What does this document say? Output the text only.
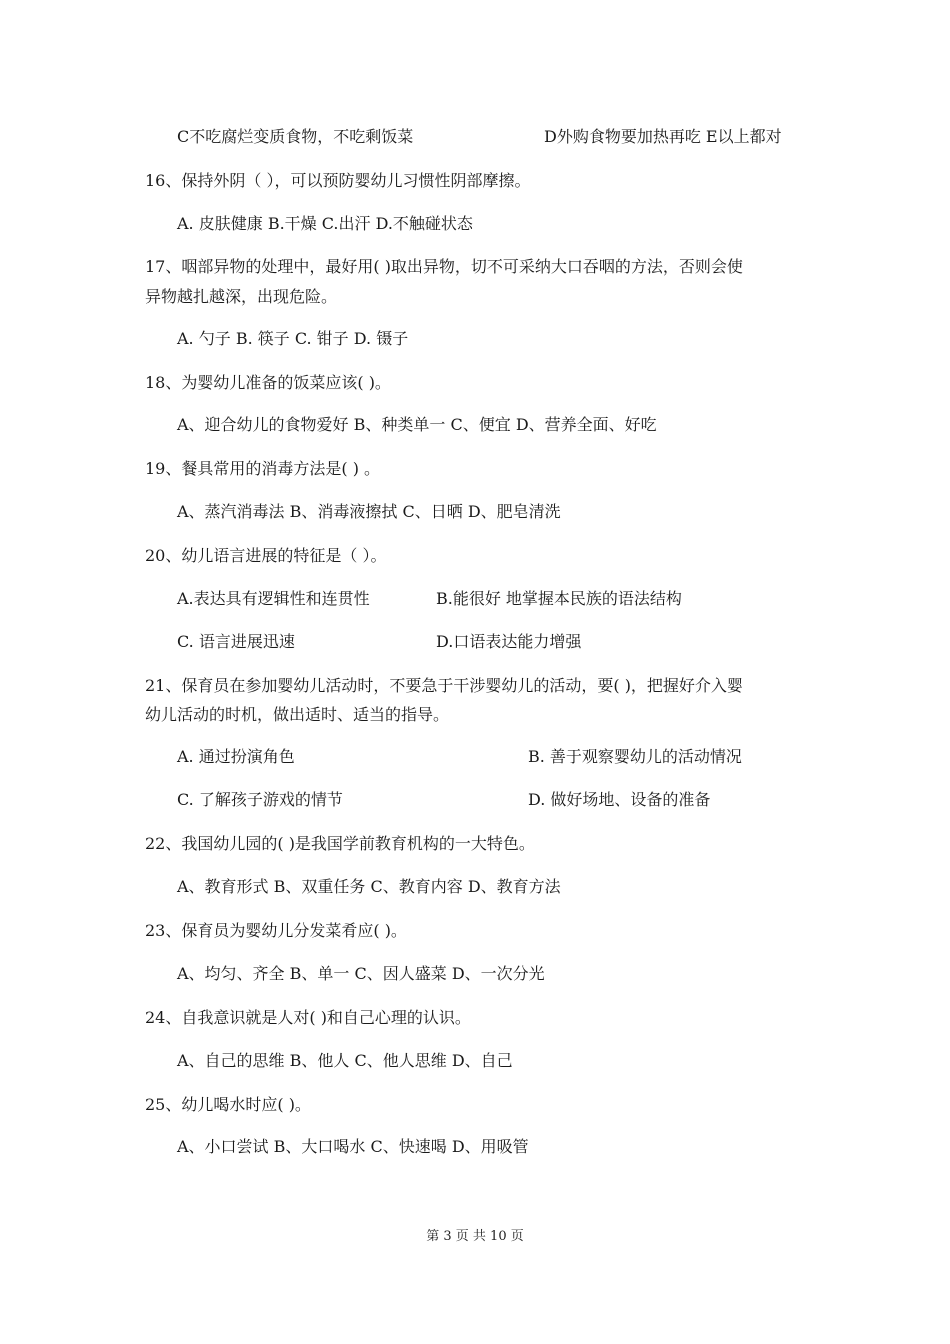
C不吃腐烂变质食物，不吃剩饭菜	D外购食物要加热再吃 E以上都对
16、保持外阴（ ），可以预防婴幼儿习惯性阴部摩擦。
A. 皮肤健康 B.干燥 C.出汗 D.不触碰状态
17、咽部异物的处理中，最好用( )取出异物，切不可采纳大口吞咽的方法，否则会使
异物越扎越深，出现危险。
A. 勺子 B. 筷子 C. 钳子 D. 镊子
18、为婴幼儿准备的饭菜应该( )。
A、迎合幼儿的食物爱好 B、种类单一 C、便宜 D、营养全面、好吃
19、餐具常用的消毒方法是( ) 。
A、蒸汽消毒法 B、消毒液擦拭 C、日晒 D、肥皂清洗
20、幼儿语言进展的特征是（ ）。
A.表达具有逻辑性和连贯性	B.能很好 地掌握本民族的语法结构
C. 语言进展迅速	D.口语表达能力增强
21、保育员在参加婴幼儿活动时，不要急于干涉婴幼儿的活动，要( )，把握好介入婴
幼儿活动的时机，做出适时、适当的指导。
A. 通过扮演角色	B. 善于观察婴幼儿的活动情况
C. 了解孩子游戏的情节	D. 做好场地、设备的准备
22、我国幼儿园的( )是我国学前教育机构的一大特色。
A、教育形式 B、双重任务 C、教育内容 D、教育方法
23、保育员为婴幼儿分发菜肴应( )。
A、均匀、齐全 B、单一 C、因人盛菜 D、一次分光
24、自我意识就是人对( )和自己心理的认识。
A、自己的思维 B、他人 C、他人思维 D、自己
25、幼儿喝水时应( )。
A、小口尝试 B、大口喝水 C、快速喝 D、用吸管
第 3 页 共 10 页
